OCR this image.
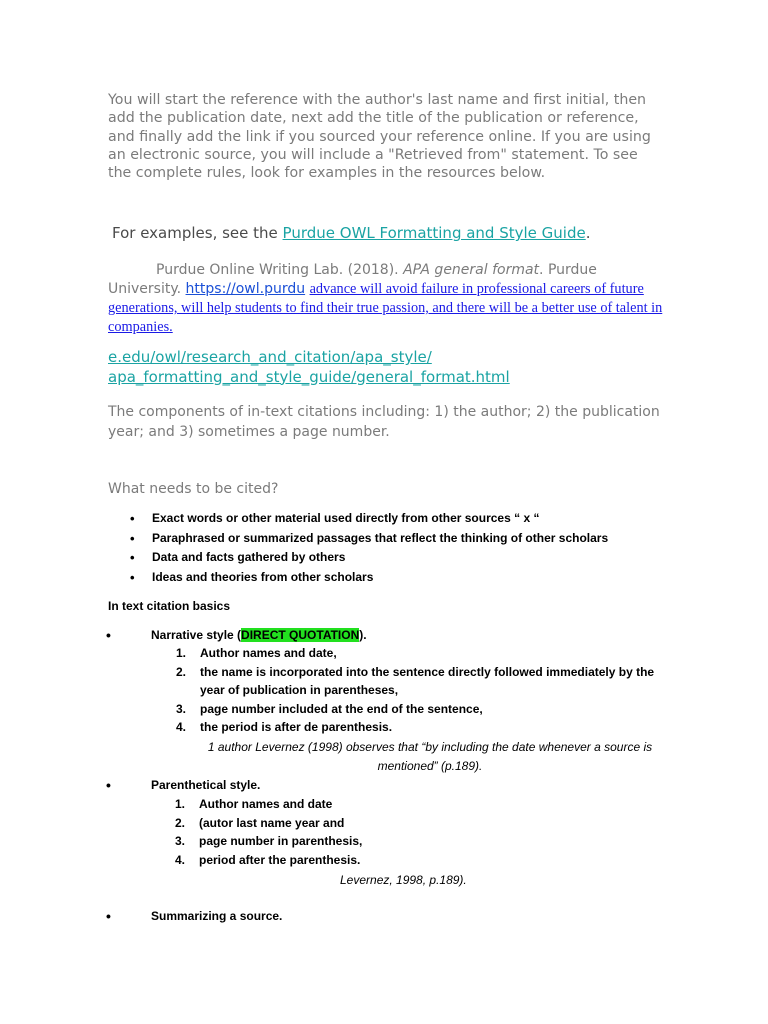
You will start the reference with the author's last name and first initial, then add the publication date, next add the title of the publication or reference, and finally add the link if you sourced your reference online. If you are using an electronic source, you will include a "Retrieved from" statement. To see the complete rules, look for examples in the resources below.

For examples, see the Purdue OWL Formatting and Style Guide.

Purdue Online Writing Lab. (2018). APA general format. Purdue University. https://owl.purdu advance will avoid failure in professional careers of future generations, will help students to find their true passion, and there will be a better use of talent in companies.

e.edu/owl/research_and_citation/apa_style/
apa_formatting_and_style_guide/general_format.html

The components of in-text citations including: 1) the author; 2) the publication year; and 3) sometimes a page number.

What needs to be cited?

• Exact words or other material used directly from other sources “ x “
• Paraphrased or summarized passages that reflect the thinking of other scholars
• Data and facts gathered by others
• Ideas and theories from other scholars

In text citation basics

•	Narrative style (DIRECT QUOTATION).
1. Author names and date,
2. the name is incorporated into the sentence directly followed immediately by the year of publication in parentheses,
3. page number included at the end of the sentence,
4. the period is after de parenthesis.

1 author Levernez (1998) observes that “by including the date whenever a source is mentioned” (p.189).

•	Parenthetical style.
1. Author names and date
2. (autor last name year and
3. page number in parenthesis,
4. period after the parenthesis.

Levernez, 1998, p.189).

•	Summarizing a source.
